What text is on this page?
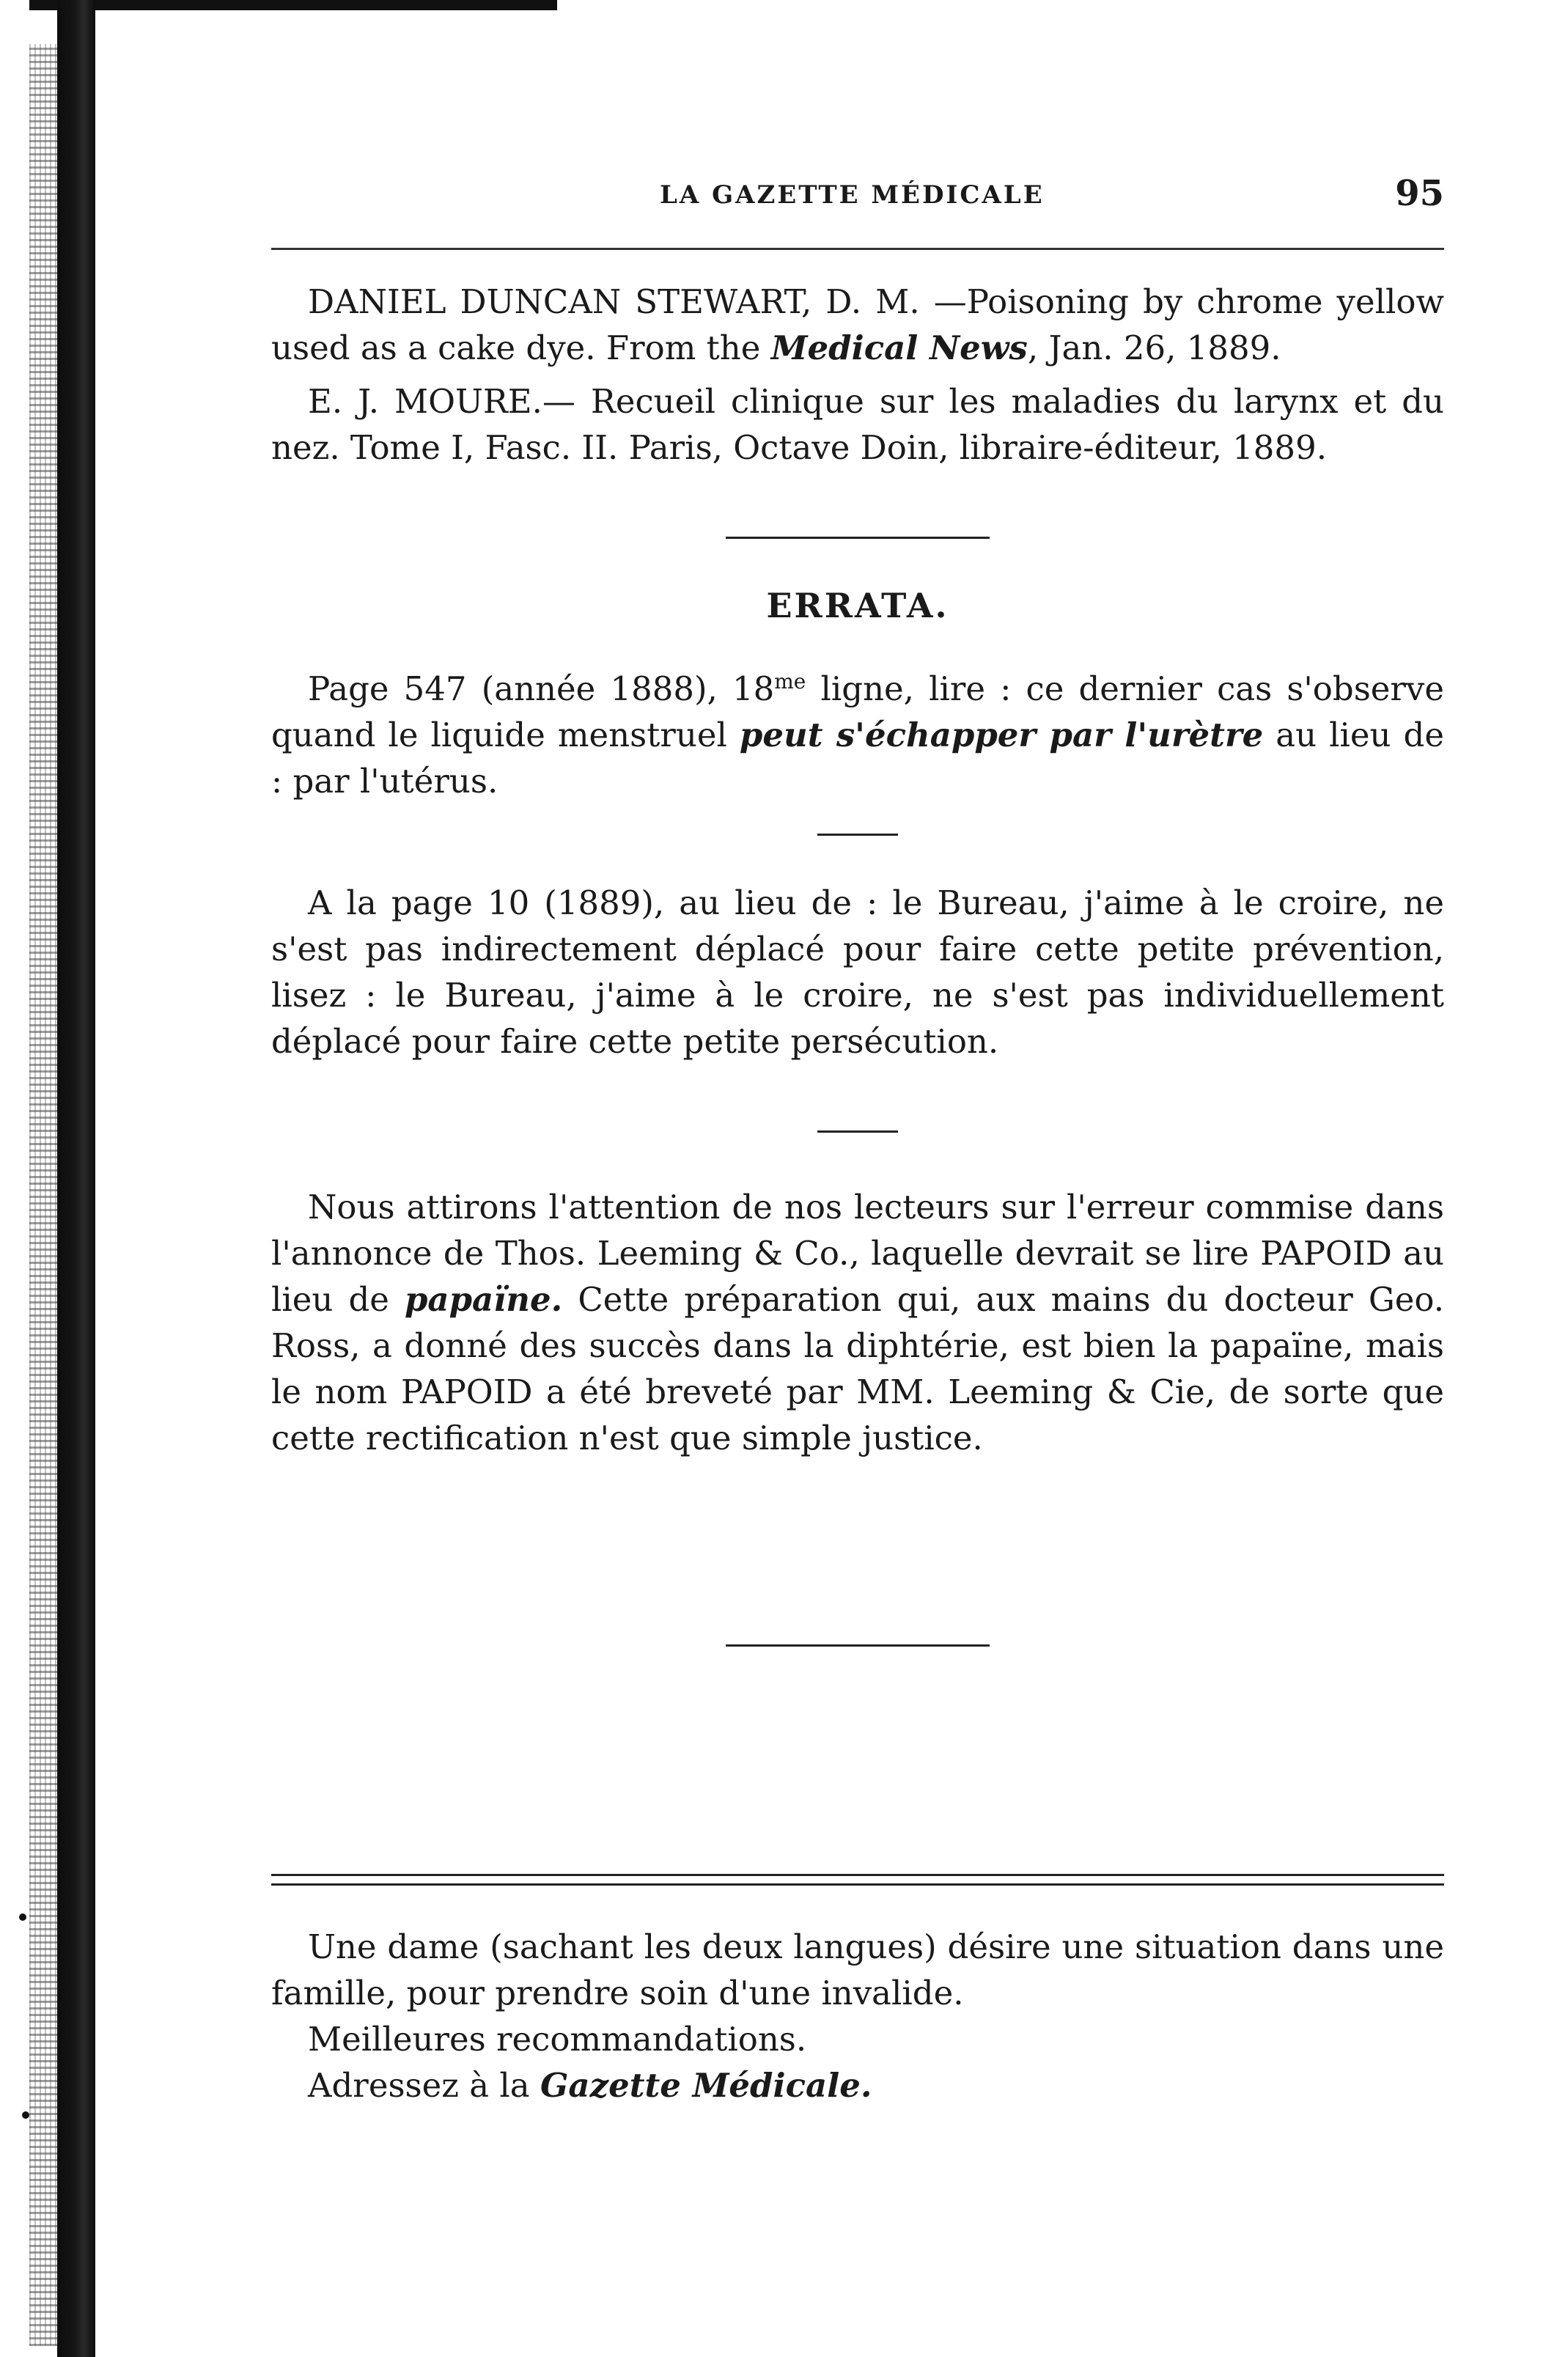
LA GAZETTE MÉDICALE	95

DANIEL DUNCAN STEWART, D. M. —Poisoning by chrome yellow used as a cake dye. From the Medical News, Jan. 26, 1889.

E. J. MOURE.— Recueil clinique sur les maladies du larynx et du nez. Tome I, Fasc. II. Paris, Octave Doin, libraire-éditeur, 1889.

ERRATA.

Page 547 (année 1888), $18^{me}$ ligne, lire : ce dernier cas s'observe quand le liquide menstruel peut s'échapper par l'urètre au lieu de : par l'utérus.

A la page 10 (1889), au lieu de : le Bureau, j'aime à le croire, ne s'est pas indirectement déplacé pour faire cette petite prévention, lisez : le Bureau, j'aime à le croire, ne s'est pas individuellement déplacé pour faire cette petite persécution.

Nous attirons l'attention de nos lecteurs sur l'erreur commise dans l'annonce de Thos. Leeming & Co., laquelle devrait se lire PAPOID au lieu de papaïne. Cette préparation qui, aux mains du docteur Geo. Ross, a donné des succès dans la diphtérie, est bien la papaïne, mais le nom PAPOID a été breveté par MM. Leeming & Cie, de sorte que cette rectification n'est que simple justice.

Une dame (sachant les deux langues) désire une situation dans une famille, pour prendre soin d'une invalide.

Meilleures recommandations.

Adressez à la Gazette Médicale.
